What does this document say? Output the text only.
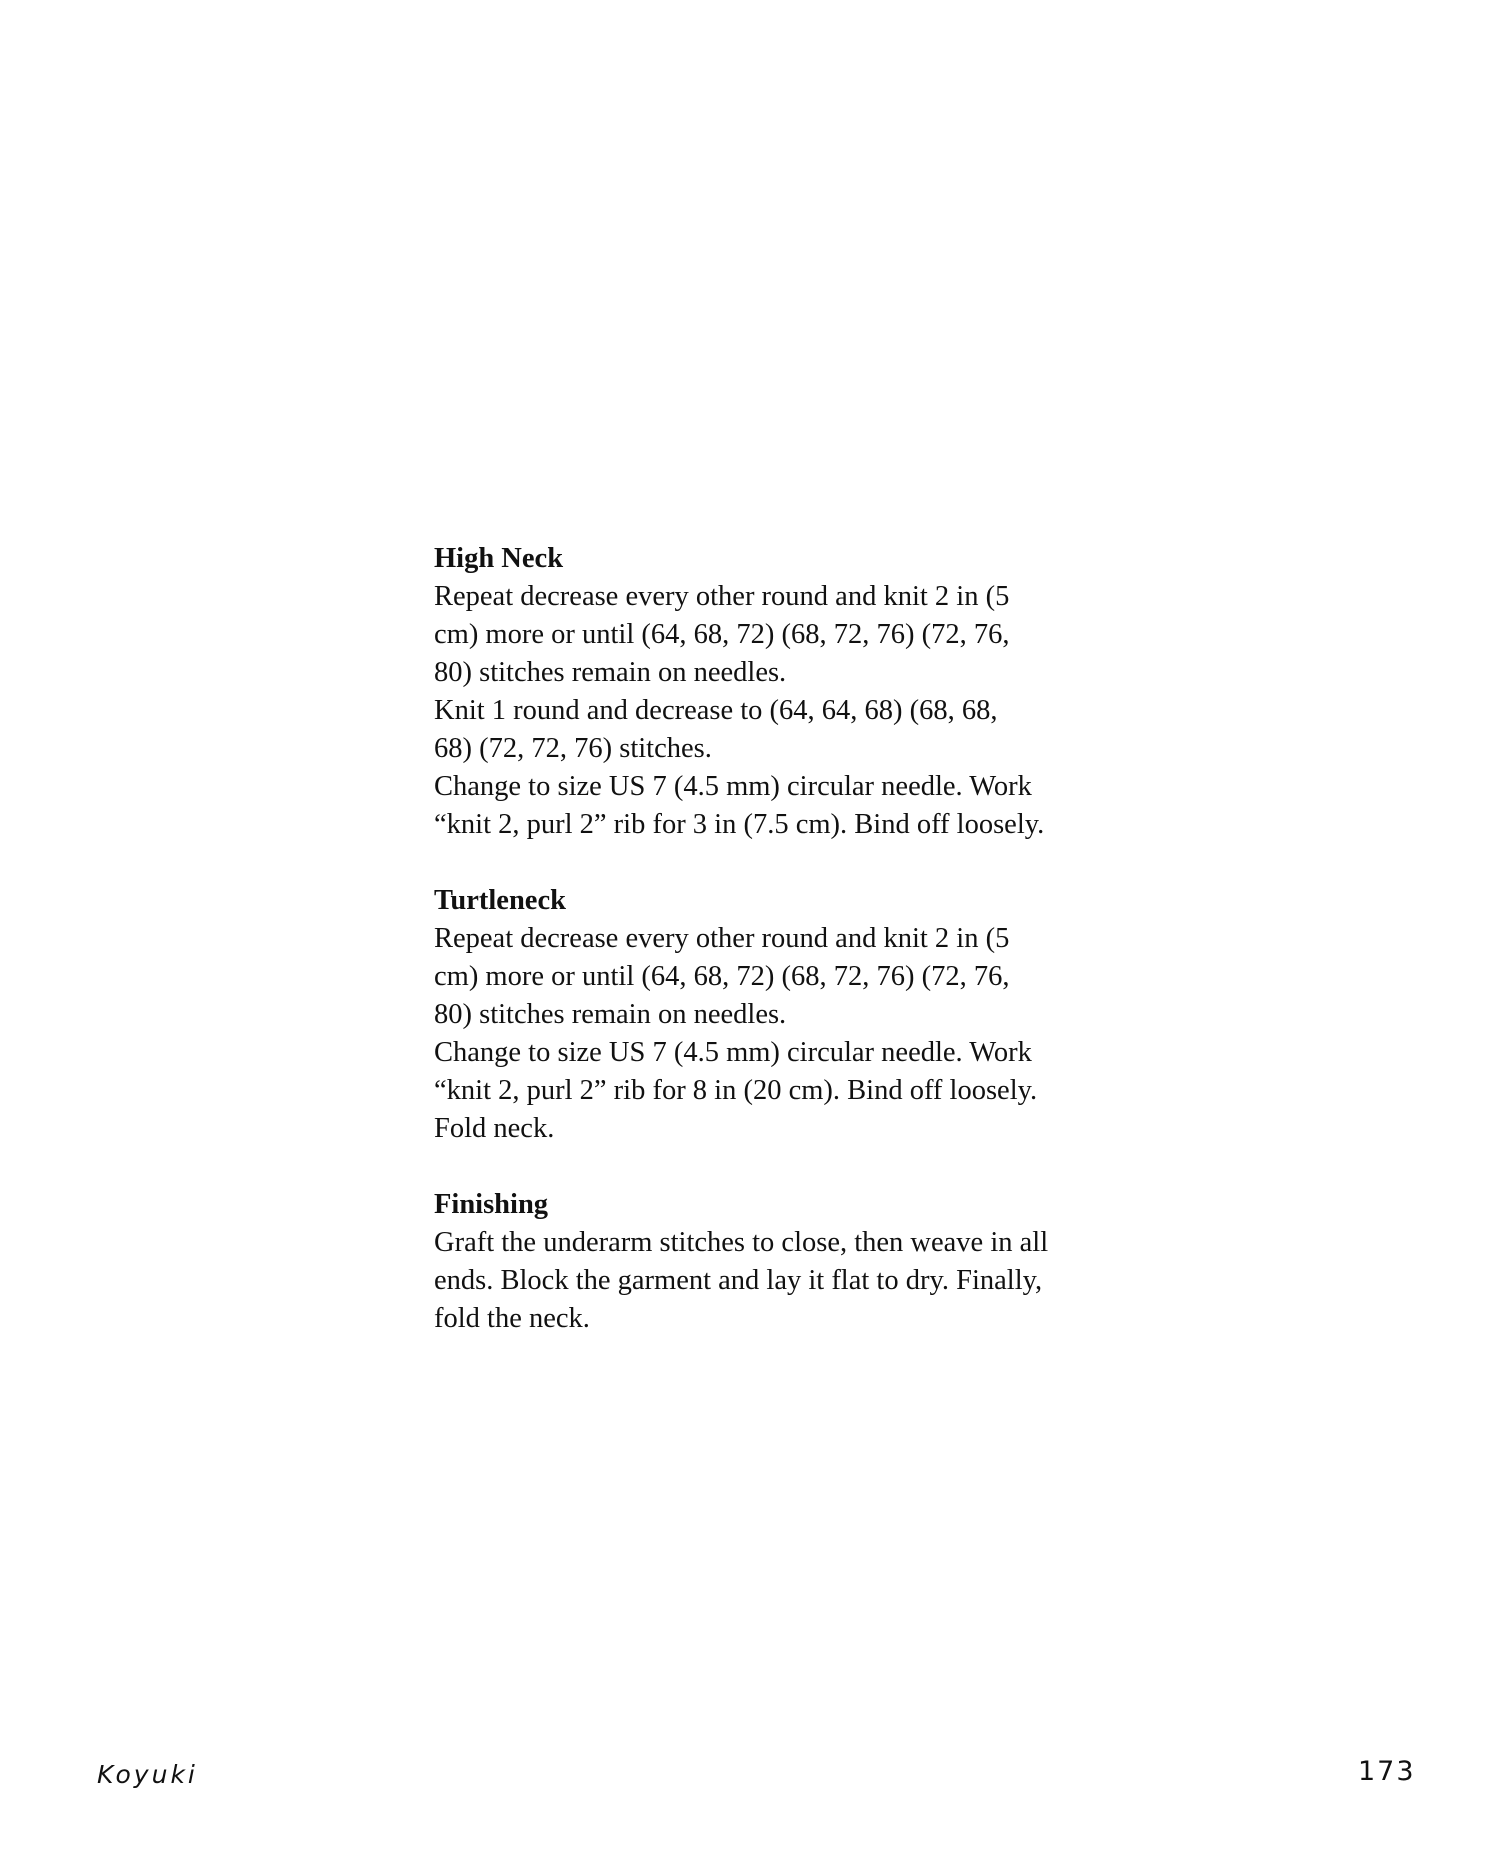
High Neck
Repeat decrease every other round and knit 2 in (5
cm) more or until (64, 68, 72) (68, 72, 76) (72, 76,
80) stitches remain on needles.
Knit 1 round and decrease to (64, 64, 68) (68, 68,
68) (72, 72, 76) stitches.
Change to size US 7 (4.5 mm) circular needle. Work
“knit 2, purl 2” rib for 3 in (7.5 cm). Bind off loosely.
Turtleneck
Repeat decrease every other round and knit 2 in (5
cm) more or until (64, 68, 72) (68, 72, 76) (72, 76,
80) stitches remain on needles.
Change to size US 7 (4.5 mm) circular needle. Work
“knit 2, purl 2” rib for 8 in (20 cm). Bind off loosely.
Fold neck.
Finishing
Graft the underarm stitches to close, then weave in all
ends. Block the garment and lay it flat to dry. Finally,
fold the neck.
Koyuki	173
